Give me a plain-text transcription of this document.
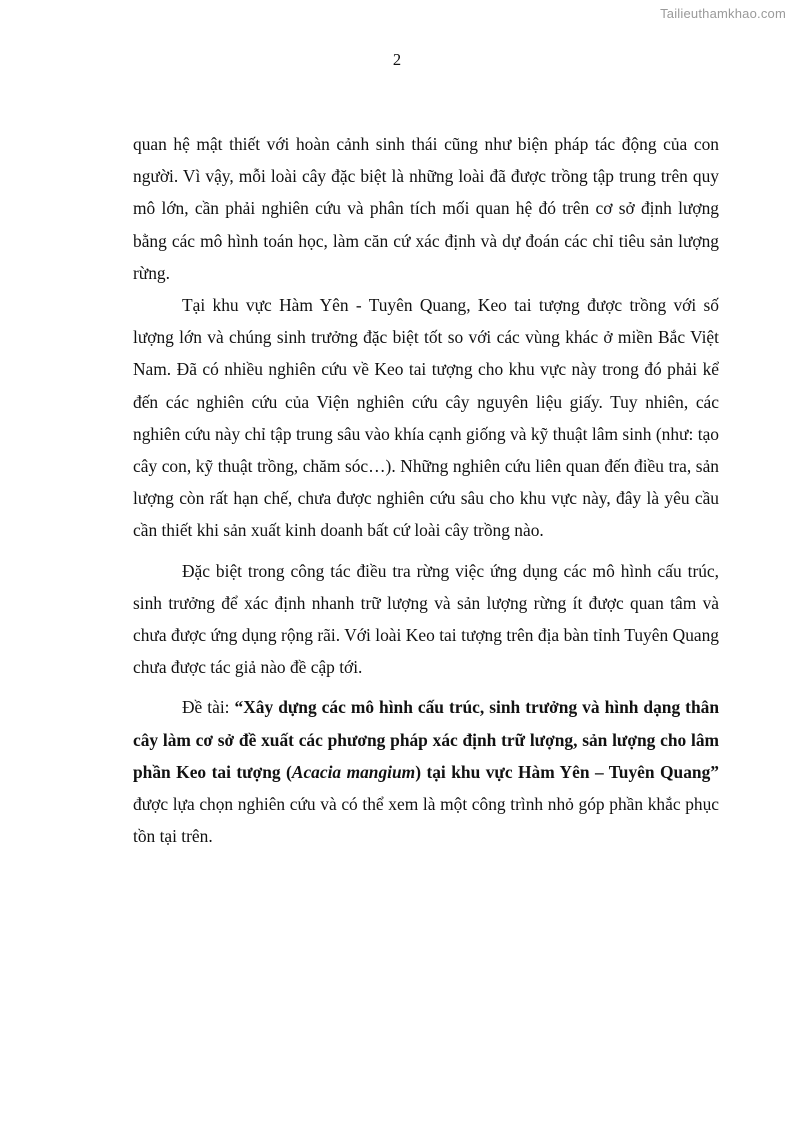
Tailieuthamkhao.com
2

quan hệ mật thiết với hoàn cảnh sinh thái cũng như biện pháp tác động của con người. Vì vậy, mỗi loài cây đặc biệt là những loài đã được trồng tập trung trên quy mô lớn, cần phải nghiên cứu và phân tích mối quan hệ đó trên cơ sở định lượng bằng các mô hình toán học, làm căn cứ xác định và dự đoán các chỉ tiêu sản lượng rừng.

Tại khu vực Hàm Yên - Tuyên Quang, Keo tai tượng được trồng với số lượng lớn và chúng sinh trưởng đặc biệt tốt so với các vùng khác ở miền Bắc Việt Nam. Đã có nhiều nghiên cứu về Keo tai tượng cho khu vực này trong đó phải kể đến các nghiên cứu của Viện nghiên cứu cây nguyên liệu giấy. Tuy nhiên, các nghiên cứu này chỉ tập trung sâu vào khía cạnh giống và kỹ thuật lâm sinh (như: tạo cây con, kỹ thuật trồng, chăm sóc…). Những nghiên cứu liên quan đến điều tra, sản lượng còn rất hạn chế, chưa được nghiên cứu sâu cho khu vực này, đây là yêu cầu cần thiết khi sản xuất kinh doanh bất cứ loài cây trồng nào.

Đặc biệt trong công tác điều tra rừng việc ứng dụng các mô hình cấu trúc, sinh trưởng để xác định nhanh trữ lượng và sản lượng rừng ít được quan tâm và chưa được ứng dụng rộng rãi. Với loài Keo tai tượng trên địa bàn tỉnh Tuyên Quang chưa được tác giả nào đề cập tới.

Đề tài: “Xây dựng các mô hình cấu trúc, sinh trưởng và hình dạng thân cây làm cơ sở đề xuất các phương pháp xác định trữ lượng, sản lượng cho lâm phần Keo tai tượng (Acacia mangium) tại khu vực Hàm Yên – Tuyên Quang” được lựa chọn nghiên cứu và có thể xem là một công trình nhỏ góp phần khắc phục tồn tại trên.
